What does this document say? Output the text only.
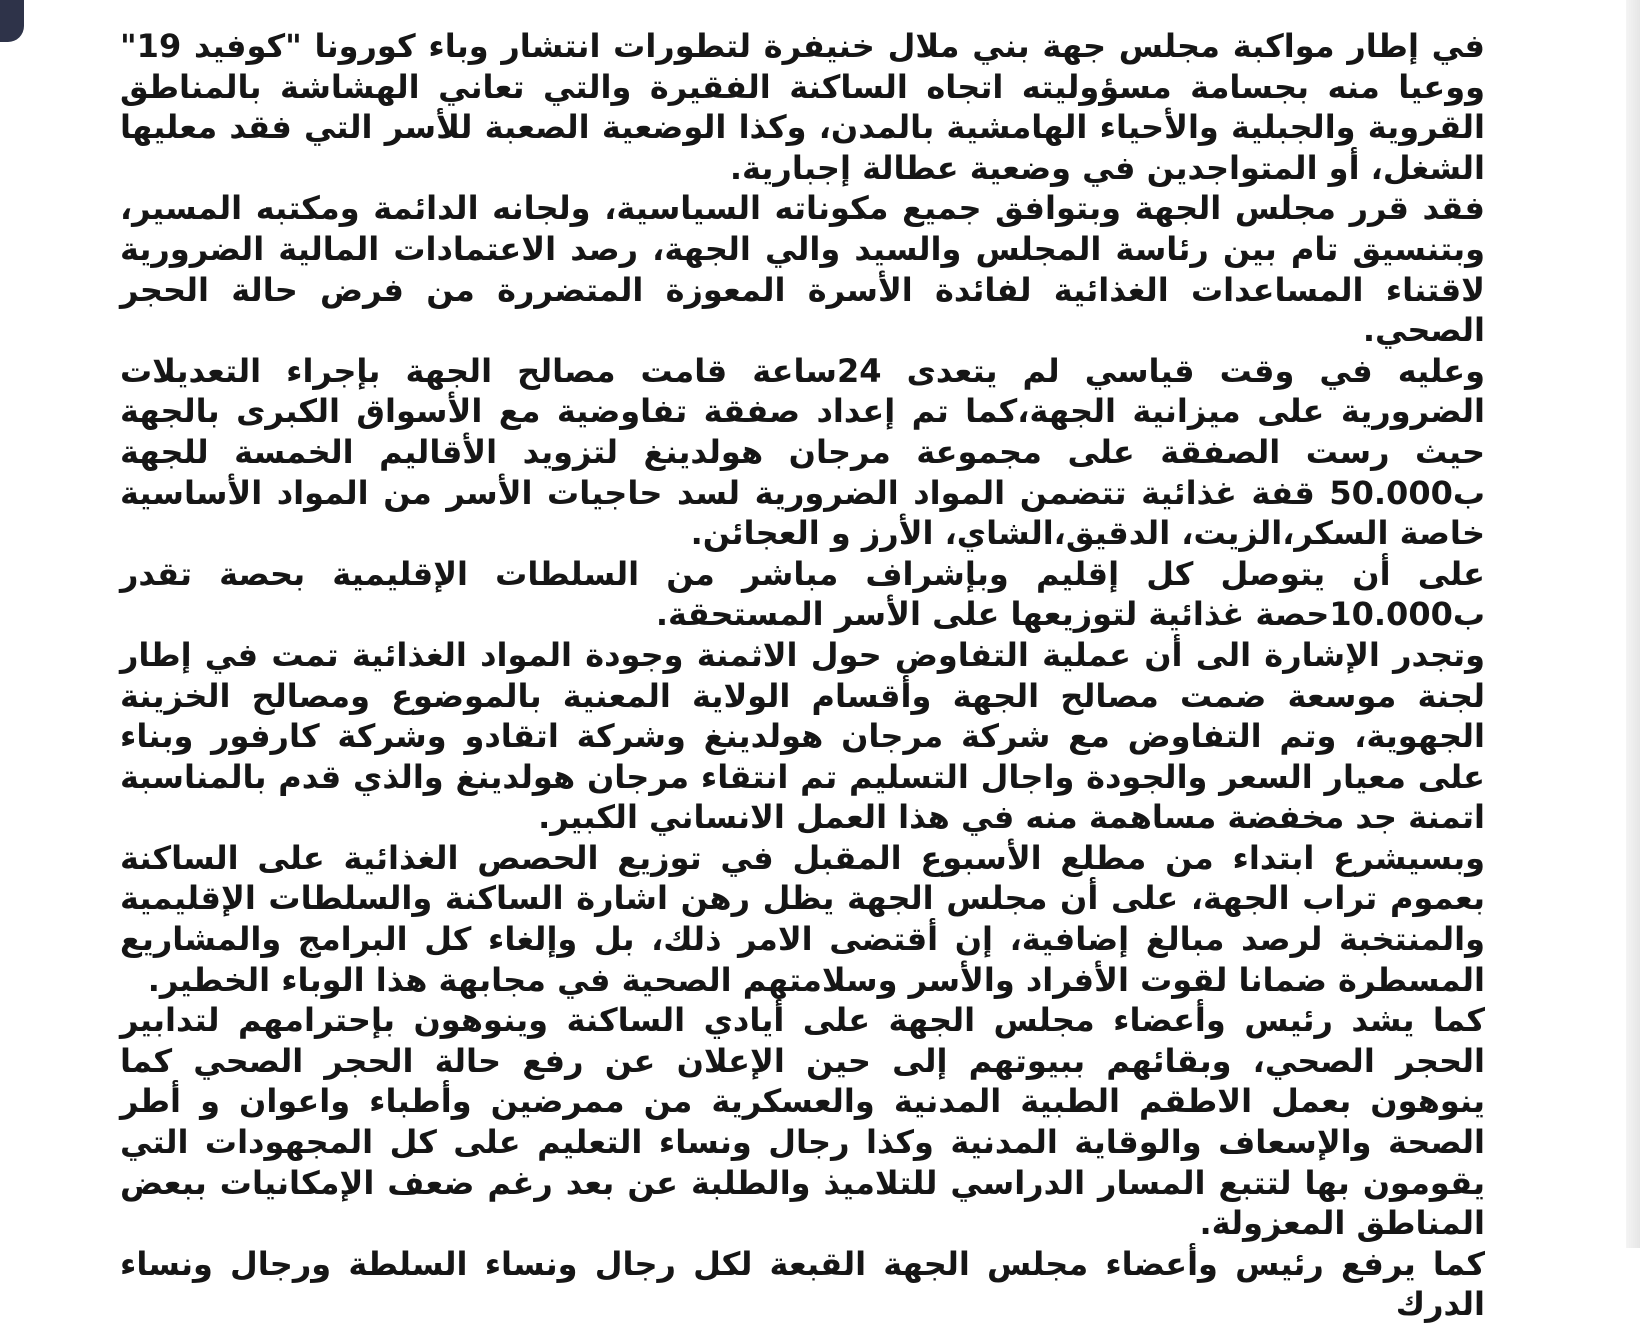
في إطار مواكبة مجلس جهة بني ملال خنيفرة لتطورات انتشار وباء كورونا "كوفيد 19" ووعيا منه بجسامة مسؤوليته اتجاه الساكنة الفقيرة والتي تعاني الهشاشة بالمناطق القروية والجبلية والأحياء الهامشية بالمدن، وكذا الوضعية الصعبة للأسر التي فقد معليها الشغل، أو المتواجدين في وضعية عطالة إجبارية.

فقد قرر مجلس الجهة وبتوافق جميع مكوناته السياسية، ولجانه الدائمة ومكتبه المسير، وبتنسيق تام بين رئاسة المجلس والسيد والي الجهة، رصد الاعتمادات المالية الضرورية لاقتناء المساعدات الغذائية لفائدة الأسرة المعوزة المتضررة من فرض حالة الحجر الصحي.

وعليه في وقت قياسي لم يتعدى 24ساعة قامت مصالح الجهة بإجراء التعديلات الضرورية على ميزانية الجهة،كما تم إعداد صفقة تفاوضية مع الأسواق الكبرى بالجهة حيث رست الصفقة على مجموعة مرجان هولدينغ لتزويد الأقاليم الخمسة للجهة ب50.000 قفة غذائية تتضمن المواد الضرورية لسد حاجيات الأسر من المواد الأساسية خاصة السكر،الزيت، الدقيق،الشاي، الأرز و العجائن.

على أن يتوصل كل إقليم وبإشراف مباشر من السلطات الإقليمية بحصة تقدر ب10.000حصة غذائية لتوزيعها على الأسر المستحقة.

وتجدر الإشارة الى أن عملية التفاوض حول الاثمنة وجودة المواد الغذائية تمت في إطار لجنة موسعة ضمت مصالح الجهة وأقسام الولاية المعنية بالموضوع ومصالح الخزينة الجهوية، وتم التفاوض مع شركة مرجان هولدينغ وشركة اتقادو وشركة كارفور وبناء على معيار السعر والجودة واجال التسليم تم انتقاء مرجان هولدينغ والذي قدم بالمناسبة اتمنة جد مخفضة مساهمة منه في هذا العمل الانساني الكبير.

وبسيشرع ابتداء من مطلع الأسبوع المقبل في توزيع الحصص الغذائية على الساكنة بعموم تراب الجهة، على أن مجلس الجهة يظل رهن اشارة الساكنة والسلطات الإقليمية والمنتخبة لرصد مبالغ إضافية، إن أقتضى الامر ذلك، بل وإلغاء كل البرامج والمشاريع المسطرة ضمانا لقوت الأفراد والأسر وسلامتهم الصحية في مجابهة هذا الوباء الخطير.

كما يشد رئيس وأعضاء مجلس الجهة على أيادي الساكنة وينوهون بإحترامهم لتدابير الحجر الصحي، وبقائهم ببيوتهم إلى حين الإعلان عن رفع حالة الحجر الصحي كما ينوهون بعمل الاطقم الطبية المدنية والعسكرية من ممرضين وأطباء واعوان و أطر الصحة والإسعاف والوقاية المدنية وكذا رجال ونساء التعليم على كل المجهودات التي يقومون بها لتتبع المسار الدراسي للتلاميذ والطلبة عن بعد رغم ضعف الإمكانيات ببعض المناطق المعزولة.

كما يرفع رئيس وأعضاء مجلس الجهة القبعة لكل رجال ونساء السلطة ورجال ونساء الدرك
